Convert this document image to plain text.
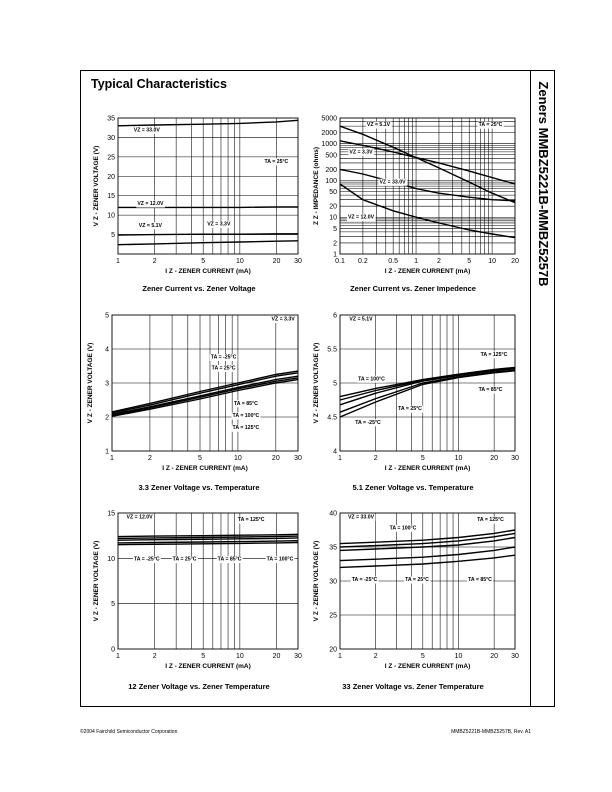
Zeners MMBZ5221B-MMBZ5257B
Typical Characteristics
1	2	5	10	20 30
5
10
15
20
25
30
35
I Z - ZENER CURRENT (mA)
V Z - ZENER VOLTAGE (V)
VZ = 33.0V
VZ = 12.0V
VZ = 5.1V	VZ = 3.3V
TA = 25°C
0.1 0.2	0.5 1	2	5 10 20
1
2
5
10
20
50
100
200
500
1000
2000
5000
I Z - ZENER CURRENT (mA)
Z Z - IMPEDANCE (ohms)
VZ = 5.1V
VZ = 3.3V
VZ = 33.0V
VZ = 12.0V
TA = 25°C
1	2	5	10	20 30
1
2
3
4
5
I Z - ZENER CURRENT (mA)
V Z - ZENER VOLTAGE (V)
VZ = 3.3V
TA = -25°C
TA = 25°C
TA = 85°C
TA = 100°C
TA = 125°C
1	2	5	10	20 30
4
4.5
5
5.5
6
I Z - ZENER CURRENT (mA)
V Z - ZENER VOLTAGE (V)
VZ = 5.1V
TA = 125°C
TA = 100°C
TA = 85°C
TA = 25°C
TA = -25°C
1	2	5	10	20 30
0
5
10
15
I Z - ZENER CURRENT (mA)
V Z - ZENER VOLTAGE (V)
VZ = 12.0V	TA = 125°C
TA = -25°C	TA = 25°C	TA = 85°C	TA = 100°C
1	2	5	10	20 30
20
25
30
35
40
I Z - ZENER CURRENT (mA)
V Z - ZENER VOLTAGE (V)
VZ = 33.0V
TA = 100°C
TA = 125°C
TA = -25°C	TA = 25°C	TA = 85°C
Zener Current vs. Zener Voltage	Zener Current vs. Zener Impedence
3.3 Zener Voltage vs. Temperature	5.1 Zener Voltage vs. Temperature
12 Zener Voltage vs. Zener Temperature	33 Zener Voltage vs. Zener Temperature
©2004 Fairchild Semiconductor Corporation	MMBZ5221B-MMBZ5257B, Rev. A1
